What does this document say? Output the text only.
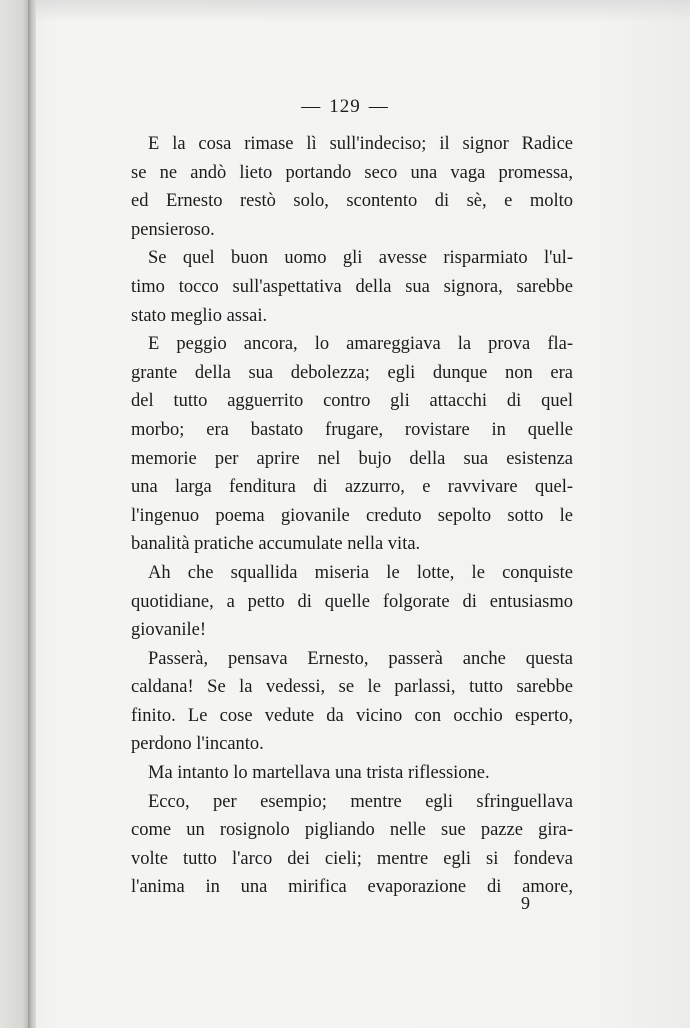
— 129 —
E la cosa rimase lì sull'indeciso; il signor Radice
se ne andò lieto portando seco una vaga promessa,
ed Ernesto restò solo, scontento di sè, e molto
pensieroso.
Se quel buon uomo gli avesse risparmiato l'ul-
timo tocco sull'aspettativa della sua signora, sarebbe
stato meglio assai.
E peggio ancora, lo amareggiava la prova fla-
grante della sua debolezza; egli dunque non era
del tutto agguerrito contro gli attacchi di quel
morbo; era bastato frugare, rovistare in quelle
memorie per aprire nel bujo della sua esistenza
una larga fenditura di azzurro, e ravvivare quel-
l'ingenuo poema giovanile creduto sepolto sotto le
banalità pratiche accumulate nella vita.
Ah che squallida miseria le lotte, le conquiste
quotidiane, a petto di quelle folgorate di entusiasmo
giovanile!
Passerà, pensava Ernesto, passerà anche questa
caldana! Se la vedessi, se le parlassi, tutto sarebbe
finito. Le cose vedute da vicino con occhio esperto,
perdono l'incanto.
Ma intanto lo martellava una trista riflessione.
Ecco, per esempio; mentre egli sfringuellava
come un rosignolo pigliando nelle sue pazze gira-
volte tutto l'arco dei cieli; mentre egli si fondeva
l'anima in una mirifica evaporazione di amore,
9
